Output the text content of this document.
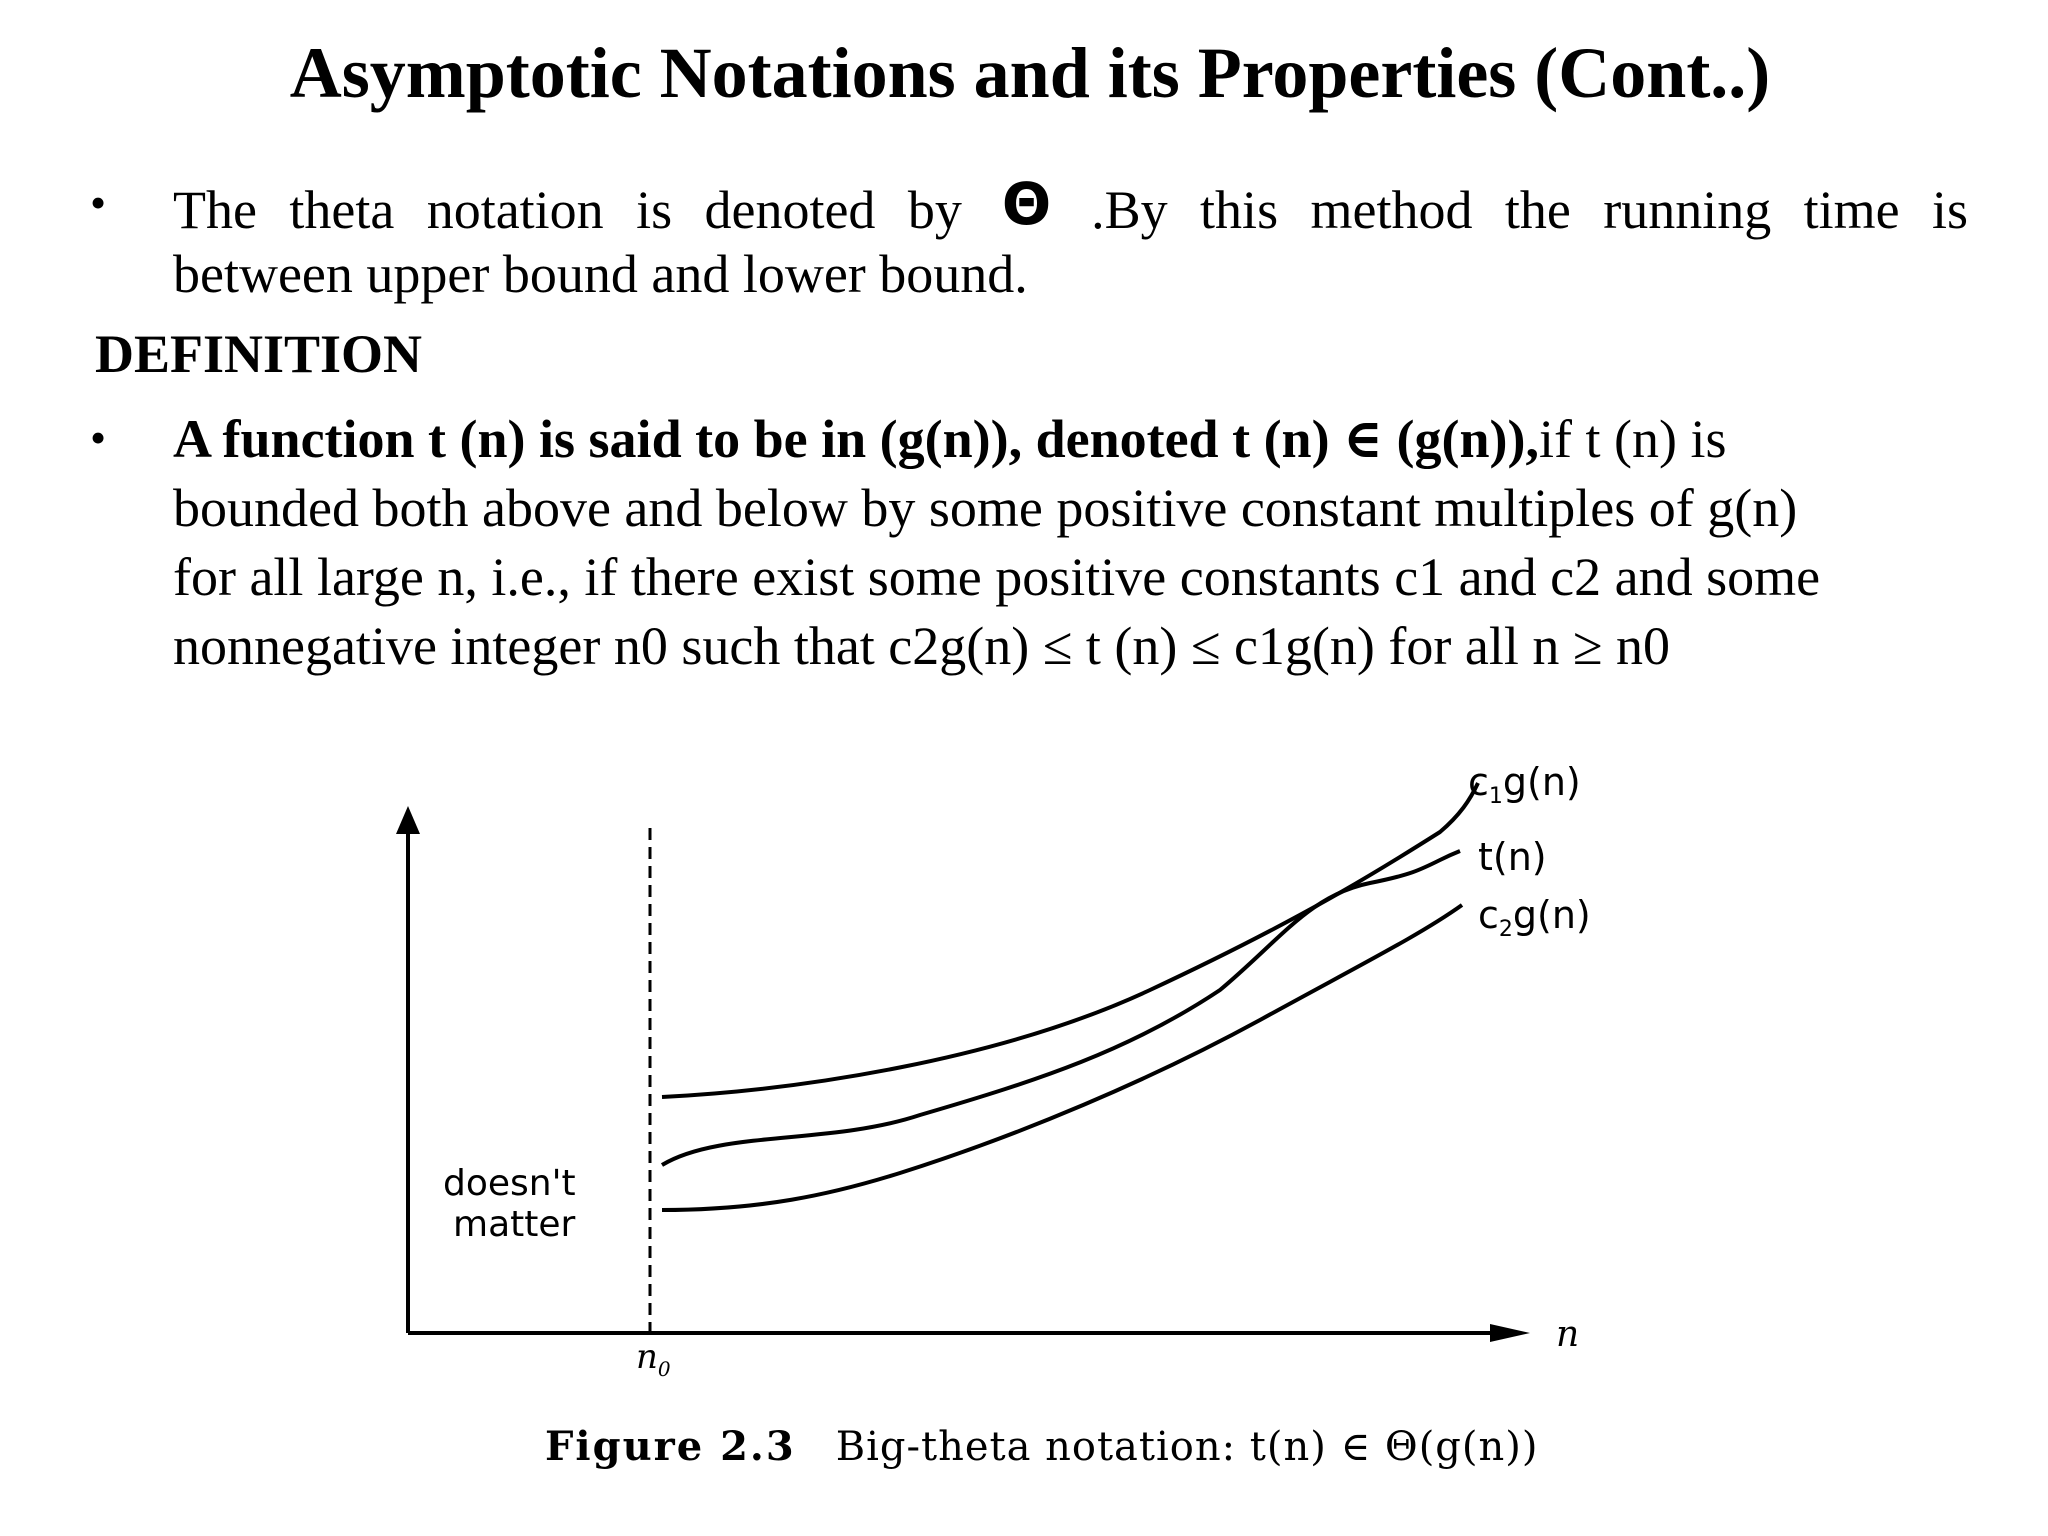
Asymptotic Notations and its Properties (Cont..)
• The theta notation is denoted by Θ .By this method the running time is
between upper bound and lower bound.
DEFINITION
• A function t (n) is said to be in (g(n)), denoted t (n) ∈ (g(n)),if t (n) is
bounded both above and below by some positive constant multiples of g(n)
for all large n, i.e., if there exist some positive constants c1 and c2 and some
nonnegative integer n0 such that c2g(n) ≤ t (n) ≤ c1g(n) for all n ≥ n0
$c_1g(n)$
t(n)
$c_2g(n)$
doesn't
matter
n
$n_0$
Figure 2.3 Big-theta notation: t(n) ∈ Θ(g(n))
